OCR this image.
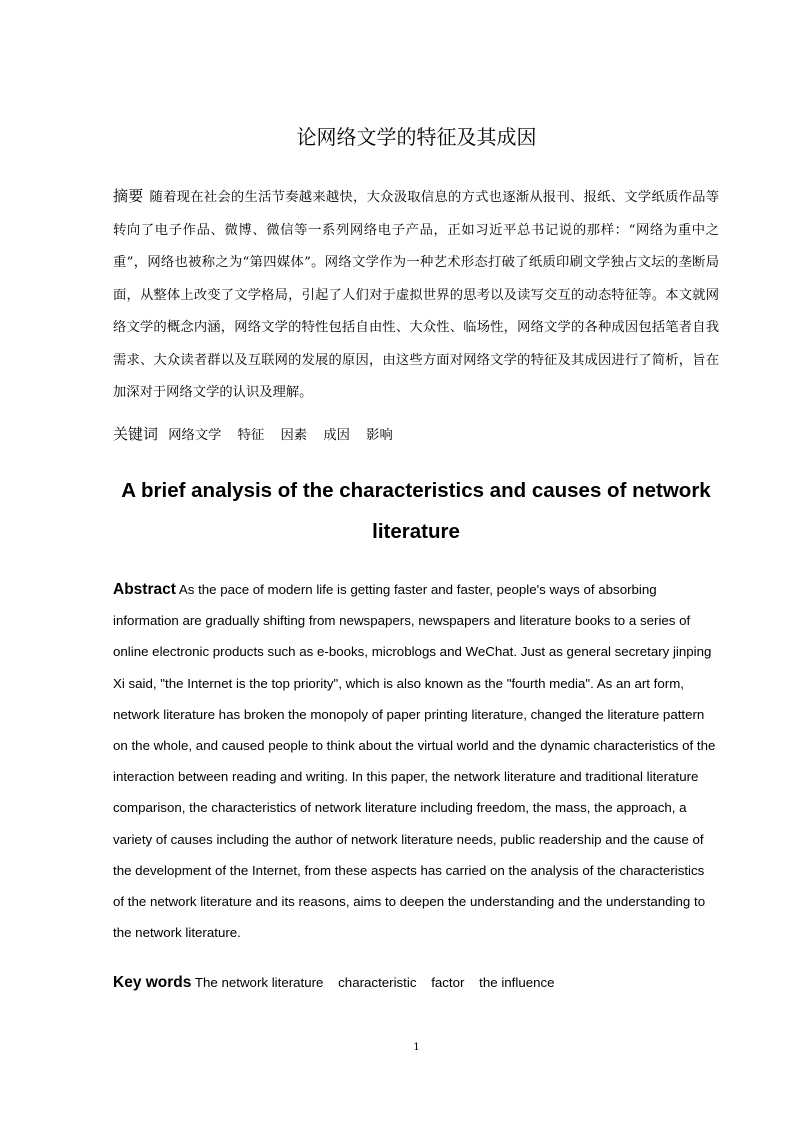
论网络文学的特征及其成因

摘要 随着现在社会的生活节奏越来越快，大众汲取信息的方式也逐渐从报刊、报纸、文学纸质作品等转向了电子作品、微博、微信等一系列网络电子产品，正如习近平总书记说的那样：“网络为重中之重”，网络也被称之为“第四媒体”。网络文学作为一种艺术形态打破了纸质印刷文学独占文坛的垄断局面，从整体上改变了文学格局，引起了人们对于虚拟世界的思考以及读写交互的动态特征等。本文就网络文学的概念内涵，网络文学的特性包括自由性、大众性、临场性，网络文学的各种成因包括笔者自我需求、大众读者群以及互联网的发展的原因，由这些方面对网络文学的特征及其成因进行了简析，旨在加深对于网络文学的认识及理解。

关键词 网络文学 特征 因素 成因 影响
A brief analysis of the characteristics and causes of network literature

Abstract As the pace of modern life is getting faster and faster, people's ways of absorbing information are gradually shifting from newspapers, newspapers and literature books to a series of online electronic products such as e-books, microblogs and WeChat. Just as general secretary jinping Xi said, "the Internet is the top priority", which is also known as the "fourth media". As an art form, network literature has broken the monopoly of paper printing literature, changed the literature pattern on the whole, and caused people to think about the virtual world and the dynamic characteristics of the interaction between reading and writing. In this paper, the network literature and traditional literature comparison, the characteristics of network literature including freedom, the mass, the approach, a variety of causes including the author of network literature needs, public readership and the cause of the development of the Internet, from these aspects has carried on the analysis of the characteristics of the network literature and its reasons, aims to deepen the understanding and the understanding to the network literature.

Key words The network literature characteristic factor the influence
1
